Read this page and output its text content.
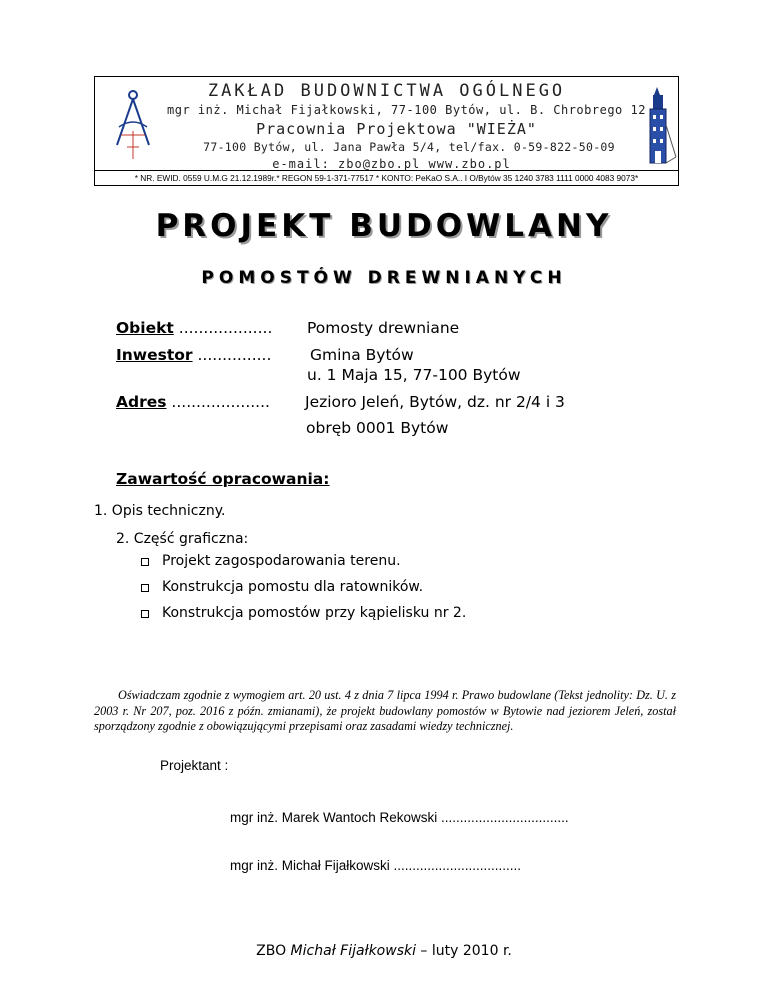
ZAKŁAD BUDOWNICTWA OGÓLNEGO
mgr inż. Michał Fijałkowski, 77-100 Bytów, ul. B. Chrobrego 12
Pracownia Projektowa "WIEŻA"
77-100 Bytów, ul. Jana Pawła 5/4, tel/fax. 0-59-822-50-09
e-mail: zbo@zbo.pl www.zbo.pl
* NR. EWID. 0559 U.M.G 21.12.1989r.* REGON 59-1-371-77517 * KONTO: PeKaO S.A.. I O/Bytów 35 1240 3783 1111 0000 4083 9073*
PROJEKT BUDOWLANY
POMOSTÓW DREWNIANYCH
Obiekt ................... Pomosty drewniane
Inwestor ............... Gmina Bytów
u. 1 Maja 15, 77-100 Bytów
Adres .................... Jezioro Jeleń, Bytów, dz. nr 2/4 i 3
obręb 0001 Bytów
Zawartość opracowania:
1. Opis techniczny.
2. Część graficzna:
Projekt zagospodarowania terenu.
Konstrukcja pomostu dla ratowników.
Konstrukcja pomostów przy kąpielisku nr 2.
Oświadczam zgodnie z wymogiem art. 20 ust. 4 z dnia 7 lipca 1994 r. Prawo budowlane (Tekst jednolity: Dz. U. z 2003 r. Nr 207, poz. 2016 z późn. zmianami), że projekt budowlany pomostów w Bytowie nad jeziorem Jeleń, został sporządzony zgodnie z obowiązującymi przepisami oraz zasadami wiedzy technicznej.
Projektant :
mgr inż. Marek Wantoch Rekowski ..................................
mgr inż. Michał Fijałkowski ..................................
ZBO Michał Fijałkowski – luty 2010 r.
